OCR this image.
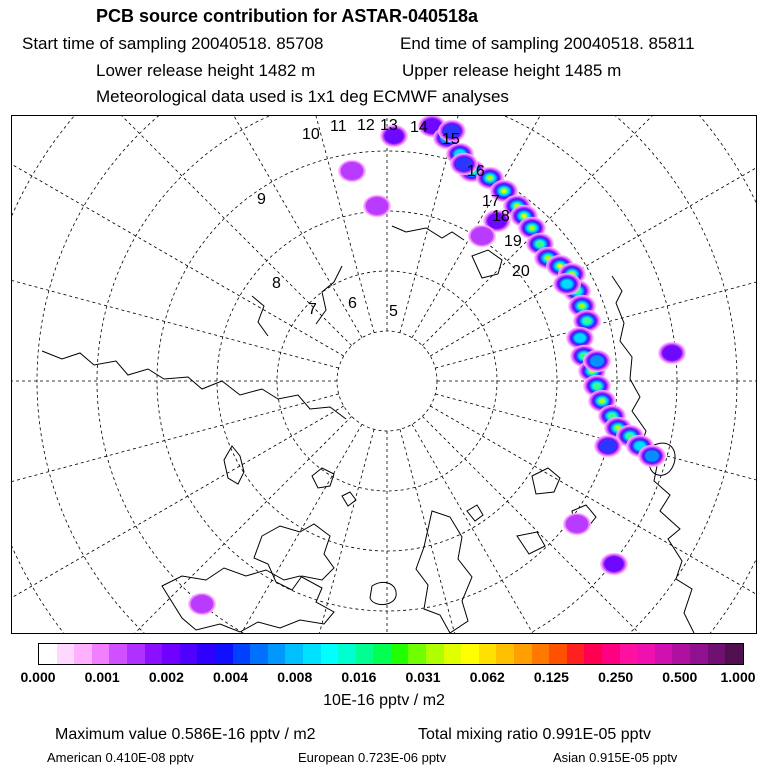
PCB source contribution for ASTAR-040518a
Start time of sampling 20040518. 85708	End time of sampling 20040518. 85811
Lower release height 1482 m	Upper release height 1485 m
Meteorological data used is 1x1 deg ECMWF analyses
10 11 12 13 14
15
16
17
18
19
20
9
8
7 6 5
0.000 0.001 0.002 0.004 0.008 0.016 0.031 0.062 0.125 0.250 0.500 1.000
10E-16 pptv / m2
Maximum value 0.586E-16 pptv / m2	Total mixing ratio 0.991E-05 pptv
American 0.410E-08 pptv	European 0.723E-06 pptv	Asian 0.915E-05 pptv
